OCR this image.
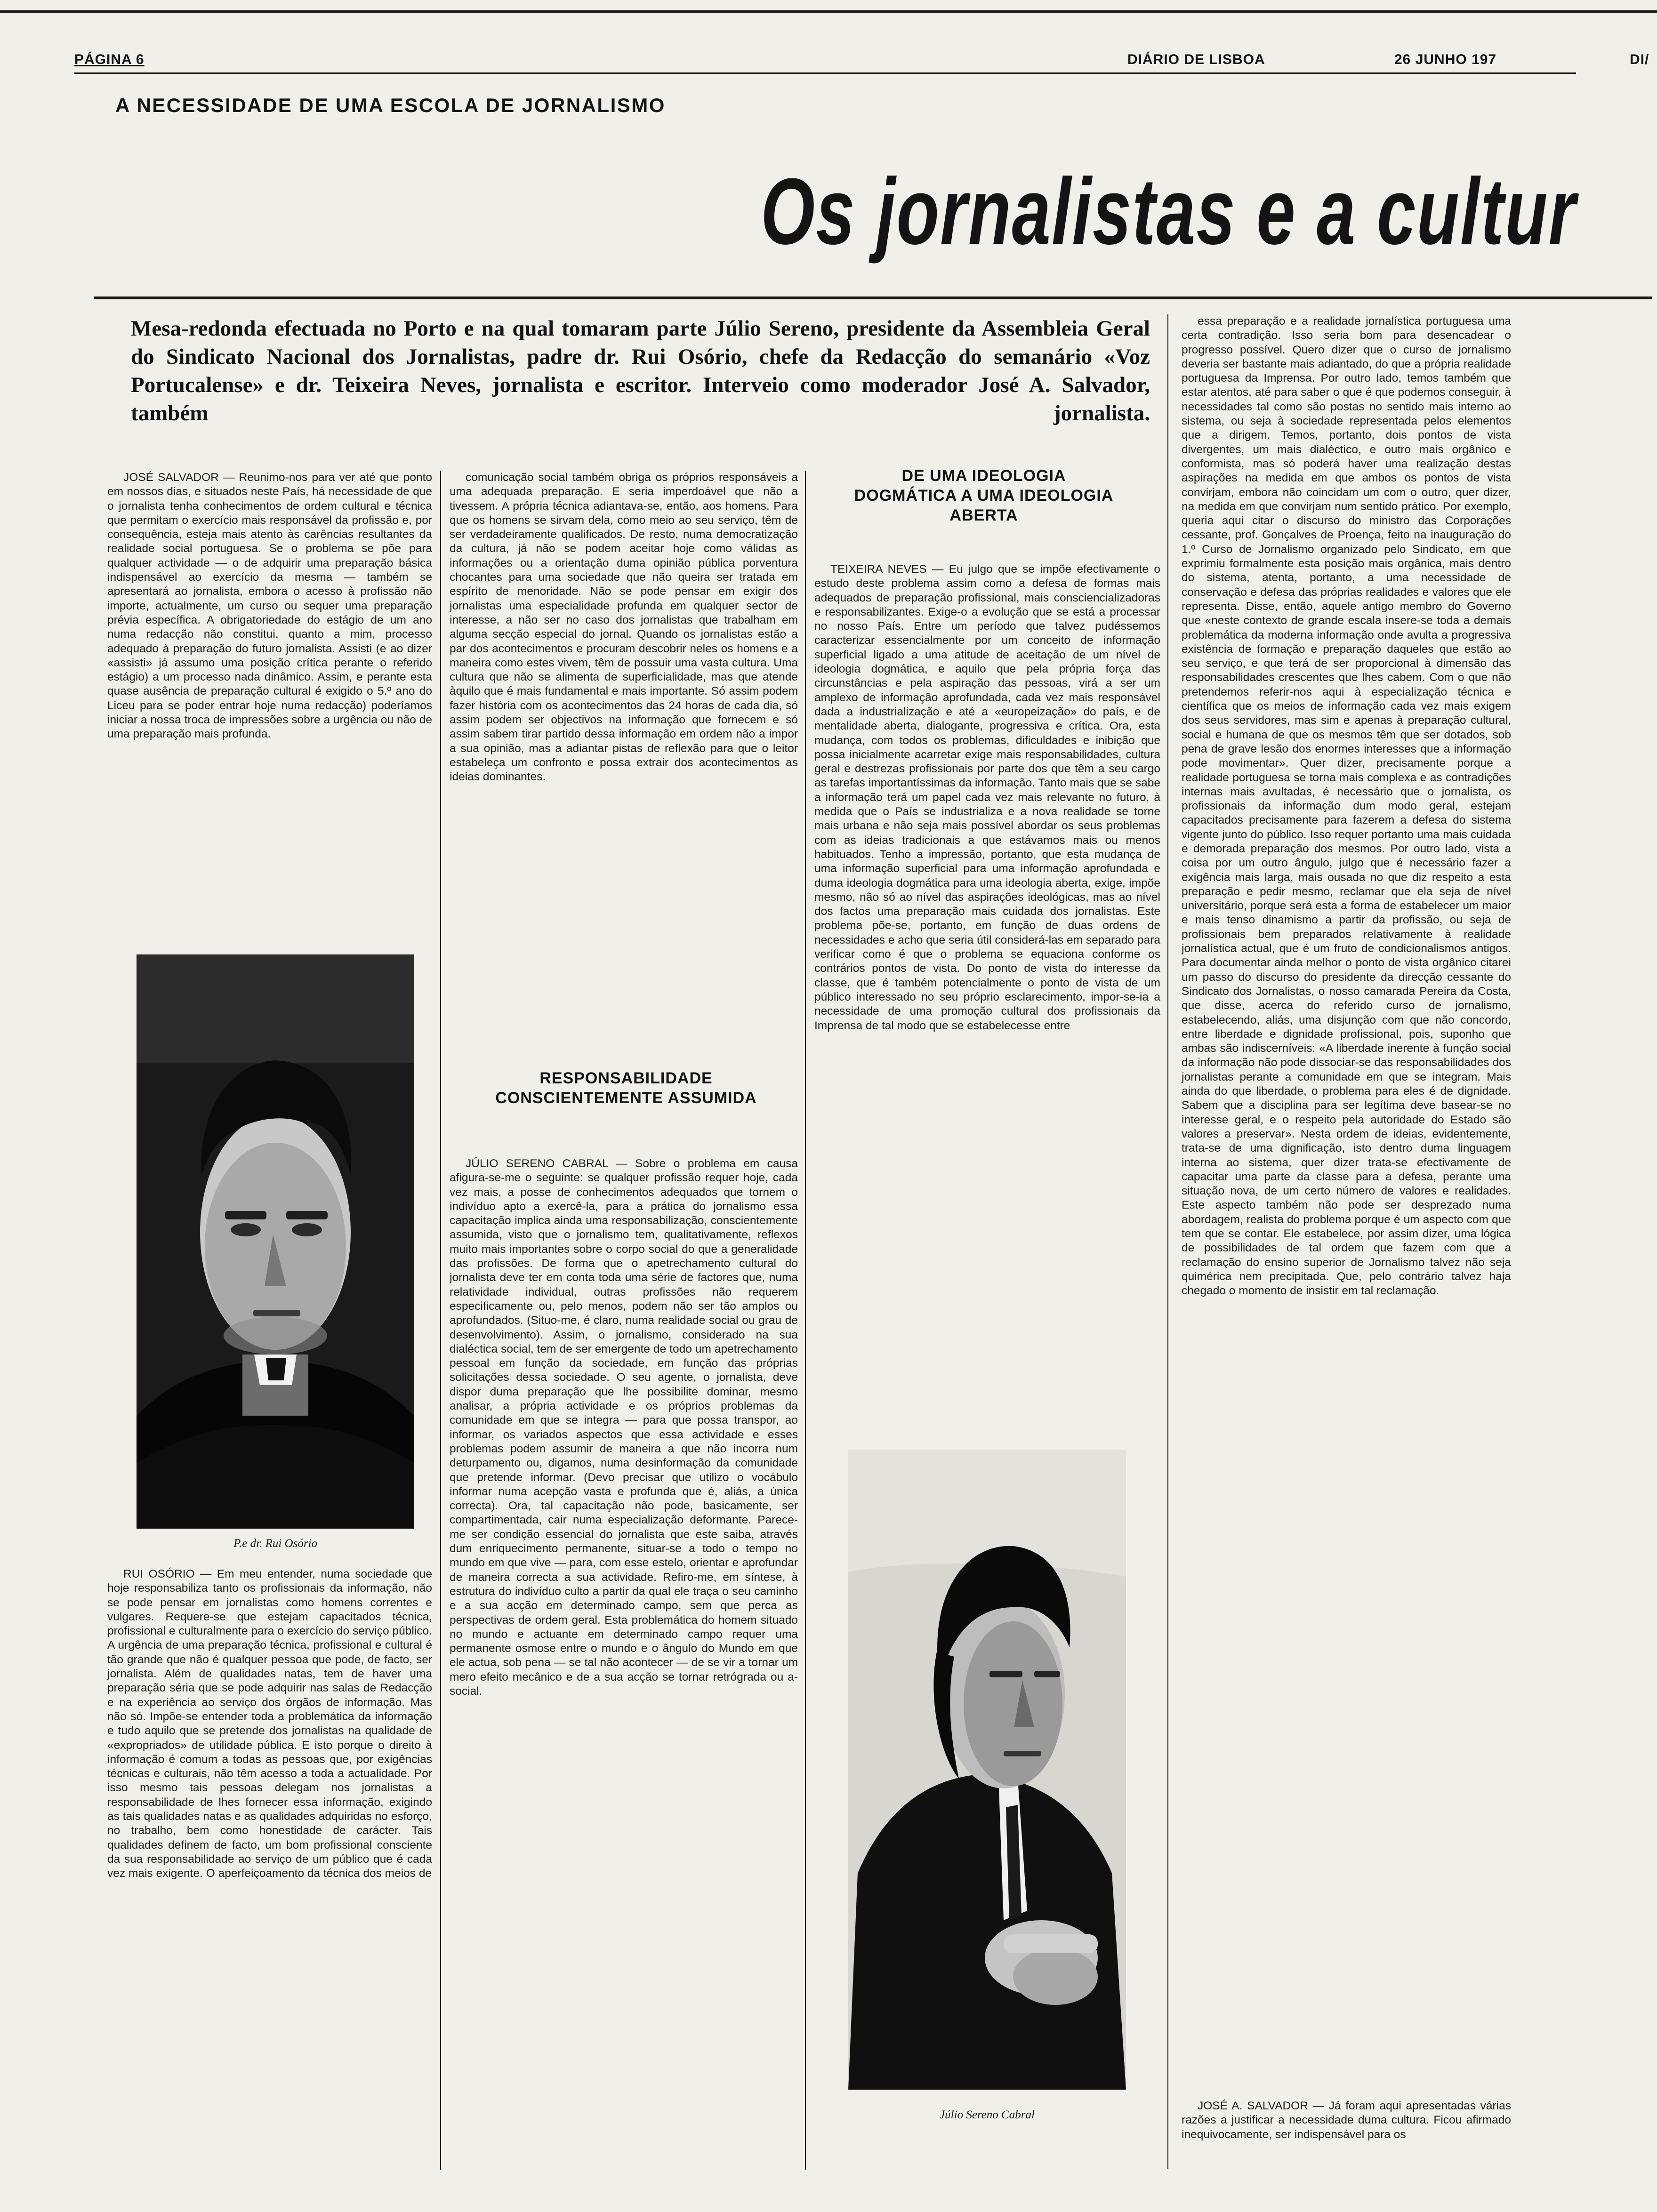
PÁGINA 6	DIÁRIO DE LISBOA	26 JUNHO 197	DI/
A NECESSIDADE DE UMA ESCOLA DE JORNALISMO
Os jornalistas e a cultur
Mesa-redonda efectuada no Porto e na qual tomaram parte Júlio Sereno, presidente da Assembleia Geral do Sindicato Nacional dos Jornalistas, padre dr. Rui Osório, chefe da Redacção do semanário «Voz Portucalense» e dr. Teixeira Neves, jornalista e escritor. Interveio como moderador José A. Salvador, também jornalista.

JOSÉ SALVADOR — Reunimo-nos para ver até que ponto em nossos dias, e situados neste País, há necessidade de que o jornalista tenha conhecimentos de ordem cultural e técnica que permitam o exercício mais responsável da profissão e, por consequência, esteja mais atento às carências resultantes da realidade social portuguesa. Se o problema se põe para qualquer actividade — o de adquirir uma preparação básica indispensável ao exercício da mesma — também se apresentará ao jornalista, embora o acesso à profissão não importe, actualmente, um curso ou sequer uma preparação prévia específica. A obrigatoriedade do estágio de um ano numa redacção não constitui, quanto a mim, processo adequado à preparação do futuro jornalista. Assisti (e ao dizer «assisti» já assumo uma posição crítica perante o referido estágio) a um processo nada dinâmico. Assim, e perante esta quase ausência de preparação cultural é exigido o 5.º ano do Liceu para se poder entrar hoje numa redacção) poderíamos iniciar a nossa troca de impressões sobre a urgência ou não de uma preparação mais profunda.

P.e dr. Rui Osório

RUI OSÓRIO — Em meu entender, numa sociedade que hoje responsabiliza tanto os profissionais da informação, não se pode pensar em jornalistas como homens correntes e vulgares. Requere-se que estejam capacitados técnica, profissional e culturalmente para o exercício do serviço público. A urgência de uma preparação técnica, profissional e cultural é tão grande que não é qualquer pessoa que pode, de facto, ser jornalista. Além de qualidades natas, tem de haver uma preparação séria que se pode adquirir nas salas de Redacção e na experiência ao serviço dos órgãos de informação. Mas não só. Impõe-se entender toda a problemática da informação e tudo aquilo que se pretende dos jornalistas na qualidade de «expropriados» de utilidade pública. E isto porque o direito à informação é comum a todas as pessoas que, por exigências técnicas e culturais, não têm acesso a toda a actualidade. Por isso mesmo tais pessoas delegam nos jornalistas a responsabilidade de lhes fornecer essa informação, exigindo as tais qualidades natas e as qualidades adquiridas no esforço, no trabalho, bem como honestidade de carácter. Tais qualidades definem de facto, um bom profissional consciente da sua responsabilidade ao serviço de um público que é cada vez mais exigente. O aperfeiçoamento da técnica dos meios de

comunicação social também obriga os próprios responsáveis a uma adequada preparação. E seria imperdoável que não a tivessem. A própria técnica adiantava-se, então, aos homens. Para que os homens se sirvam dela, como meio ao seu serviço, têm de ser verdadeiramente qualificados. De resto, numa democratização da cultura, já não se podem aceitar hoje como válidas as informações ou a orientação duma opinião pública porventura chocantes para uma sociedade que não queira ser tratada em espírito de menoridade. Não se pode pensar em exigir dos jornalistas uma especialidade profunda em qualquer sector de interesse, a não ser no caso dos jornalistas que trabalham em alguma secção especial do jornal. Quando os jornalistas estão a par dos acontecimentos e procuram descobrir neles os homens e a maneira como estes vivem, têm de possuir uma vasta cultura. Uma cultura que não se alimenta de superficialidade, mas que atende àquilo que é mais fundamental e mais importante. Só assim podem fazer história com os acontecimentos das 24 horas de cada dia, só assim podem ser objectivos na informação que fornecem e só assim sabem tirar partido dessa informação em ordem não a impor a sua opinião, mas a adiantar pistas de reflexão para que o leitor estabeleça um confronto e possa extrair dos acontecimentos as ideias dominantes.

RESPONSABILIDADE CONSCIENTEMENTE ASSUMIDA

JÚLIO SERENO CABRAL — Sobre o problema em causa afigura-se-me o seguinte: se qualquer profissão requer hoje, cada vez mais, a posse de conhecimentos adequados que tornem o indivíduo apto a exercê-la, para a prática do jornalismo essa capacitação implica ainda uma responsabilização, conscientemente assumida, visto que o jornalismo tem, qualitativamente, reflexos muito mais importantes sobre o corpo social do que a generalidade das profissões. De forma que o apetrechamento cultural do jornalista deve ter em conta toda uma série de factores que, numa relatividade individual, outras profissões não requerem especificamente ou, pelo menos, podem não ser tão amplos ou aprofundados. (Situo-me, é claro, numa realidade social ou grau de desenvolvimento). Assim, o jornalismo, considerado na sua dialéctica social, tem de ser emergente de todo um apetrechamento pessoal em função da sociedade, em função das próprias solicitações dessa sociedade. O seu agente, o jornalista, deve dispor duma preparação que lhe possibilite dominar, mesmo analisar, a própria actividade e os próprios problemas da comunidade em que se integra — para que possa transpor, ao informar, os variados aspectos que essa actividade e esses problemas podem assumir de maneira a que não incorra num deturpamento ou, digamos, numa desinformação da comunidade que pretende informar. (Devo precisar que utilizo o vocábulo informar numa acepção vasta e profunda que é, aliás, a única correcta). Ora, tal capacitação não pode, basicamente, ser compartimentada, cair numa especialização deformante. Parece-me ser condição essencial do jornalista que este saiba, através dum enriquecimento permanente, situar-se a todo o tempo no mundo em que vive — para, com esse estelo, orientar e aprofundar de maneira correcta a sua actividade. Refiro-me, em síntese, à estrutura do indivíduo culto a partir da qual ele traça o seu caminho e a sua acção em determinado campo, sem que perca as perspectivas de ordem geral. Esta problemática do homem situado no mundo e actuante em determinado campo requer uma permanente osmose entre o mundo e o ângulo do Mundo em que ele actua, sob pena — se tal não acontecer — de se vir a tornar um mero efeito mecânico e de a sua acção se tornar retrógrada ou a-social.

DE UMA IDEOLOGIA DOGMÁTICA A UMA IDEOLOGIA ABERTA

TEIXEIRA NEVES — Eu julgo que se impõe efectivamente o estudo deste problema assim como a defesa de formas mais adequados de preparação profissional, mais consciencializadoras e responsabilizantes. Exige-o a evolução que se está a processar no nosso País. Entre um período que talvez pudéssemos caracterizar essencialmente por um conceito de informação superficial ligado a uma atitude de aceitação de um nível de ideologia dogmática, e aquilo que pela própria força das circunstâncias e pela aspiração das pessoas, virá a ser um amplexo de informação aprofundada, cada vez mais responsável dada a industrialização e até a «europeização» do país, e de mentalidade aberta, dialogante, progressiva e crítica. Ora, esta mudança, com todos os problemas, dificuldades e inibição que possa inicialmente acarretar exige mais responsabilidades, cultura geral e destrezas profissionais por parte dos que têm a seu cargo as tarefas importantíssimas da informação. Tanto mais que se sabe a informação terá um papel cada vez mais relevante no futuro, à medida que o País se industrializa e a nova realidade se torne mais urbana e não seja mais possível abordar os seus problemas com as ideias tradicionais a que estávamos mais ou menos habituados. Tenho a impressão, portanto, que esta mudança de uma informação superficial para uma informação aprofundada e duma ideologia dogmática para uma ideologia aberta, exige, impõe mesmo, não só ao nível das aspirações ideológicas, mas ao nível dos factos uma preparação mais cuidada dos jornalistas. Este problema põe-se, portanto, em função de duas ordens de necessidades e acho que seria útil considerá-las em separado para verificar como é que o problema se equaciona conforme os contrários pontos de vista. Do ponto de vista do interesse da classe, que é também potencialmente o ponto de vista de um público interessado no seu próprio esclarecimento, impor-se-ia a necessidade de uma promoção cultural dos profissionais da Imprensa de tal modo que se estabelecesse entre

Júlio Sereno Cabral

essa preparação e a realidade jornalística portuguesa uma certa contradição. Isso seria bom para desencadear o progresso possível. Quero dizer que o curso de jornalismo deveria ser bastante mais adiantado, do que a própria realidade portuguesa da Imprensa. Por outro lado, temos também que estar atentos, até para saber o que é que podemos conseguir, à necessidades tal como são postas no sentido mais interno ao sistema, ou seja à sociedade representada pelos elementos que a dirigem. Temos, portanto, dois pontos de vista divergentes, um mais dialéctico, e outro mais orgânico e conformista, mas só poderá haver uma realização destas aspirações na medida em que ambos os pontos de vista convirjam, embora não coincidam um com o outro, quer dizer, na medida em que convirjam num sentido prático. Por exemplo, queria aqui citar o discurso do ministro das Corporações cessante, prof. Gonçalves de Proença, feito na inauguração do 1.º Curso de Jornalismo organizado pelo Sindicato, em que exprimiu formalmente esta posição mais orgânica, mais dentro do sistema, atenta, portanto, a uma necessidade de conservação e defesa das próprias realidades e valores que ele representa. Disse, então, aquele antigo membro do Governo que «neste contexto de grande escala insere-se toda a demais problemática da moderna informação onde avulta a progressiva existência de formação e preparação daqueles que estão ao seu serviço, e que terá de ser proporcional à dimensão das responsabilidades crescentes que lhes cabem. Com o que não pretendemos referir-nos aqui à especialização técnica e científica que os meios de informação cada vez mais exigem dos seus servidores, mas sim e apenas à preparação cultural, social e humana de que os mesmos têm que ser dotados, sob pena de grave lesão dos enormes interesses que a informação pode movimentar». Quer dizer, precisamente porque a realidade portuguesa se torna mais complexa e as contradições internas mais avultadas, é necessário que o jornalista, os profissionais da informação dum modo geral, estejam capacitados precisamente para fazerem a defesa do sistema vigente junto do público. Isso requer portanto uma mais cuidada e demorada preparação dos mesmos. Por outro lado, vista a coisa por um outro ângulo, julgo que é necessário fazer a exigência mais larga, mais ousada no que diz respeito a esta preparação e pedir mesmo, reclamar que ela seja de nível universitário, porque será esta a forma de estabelecer um maior e mais tenso dinamismo a partir da profissão, ou seja de profissionais bem preparados relativamente à realidade jornalística actual, que é um fruto de condicionalismos antigos. Para documentar ainda melhor o ponto de vista orgânico citarei um passo do discurso do presidente da direcção cessante do Sindicato dos Jornalistas, o nosso camarada Pereira da Costa, que disse, acerca do referido curso de jornalismo, estabelecendo, aliás, uma disjunção com que não concordo, entre liberdade e dignidade profissional, pois, suponho que ambas são indiscerníveis: «A liberdade inerente à função social da informação não pode dissociar-se das responsabilidades dos jornalistas perante a comunidade em que se integram. Mais ainda do que liberdade, o problema para eles é de dignidade. Sabem que a disciplina para ser legítima deve basear-se no interesse geral, e o respeito pela autoridade do Estado são valores a preservar». Nesta ordem de ideias, evidentemente, trata-se de uma dignificação, isto dentro duma linguagem interna ao sistema, quer dizer trata-se efectivamente de capacitar uma parte da classe para a defesa, perante uma situação nova, de um certo número de valores e realidades. Este aspecto também não pode ser desprezado numa abordagem, realista do problema porque é um aspecto com que tem que se contar. Ele estabelece, por assim dizer, uma lógica de possibilidades de tal ordem que fazem com que a reclamação do ensino superior de Jornalismo talvez não seja quimérica nem precipitada. Que, pelo contrário talvez haja chegado o momento de insistir em tal reclamação.

JOSÉ A. SALVADOR — Já foram aqui apresentadas várias razões a justificar a necessidade duma cultura. Ficou afirmado inequivocamente, ser indispensável para os
